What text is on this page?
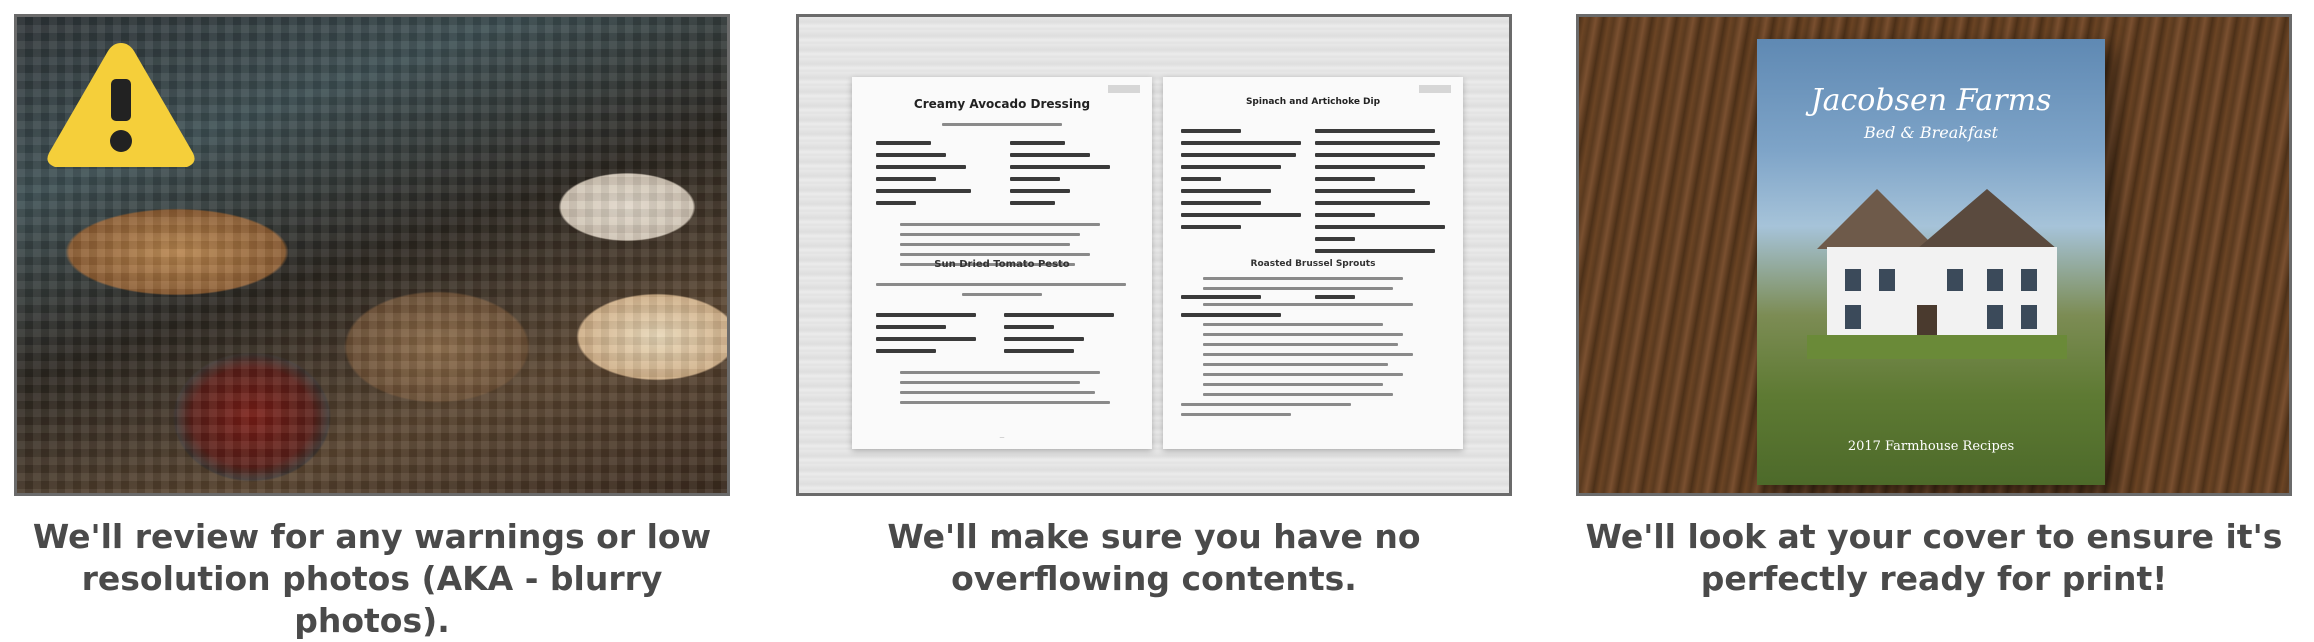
We'll review for any warnings or low resolution photos (AKA - blurry photos).
Creamy Avocado Dressing
Sun Dried Tomato Pesto
—
Spinach and Artichoke Dip
Roasted Brussel Sprouts
We'll make sure you have no overflowing contents.
Jacobsen Farms
Bed & Breakfast
2017 Farmhouse Recipes
We'll look at your cover to ensure it's perfectly ready for print!
